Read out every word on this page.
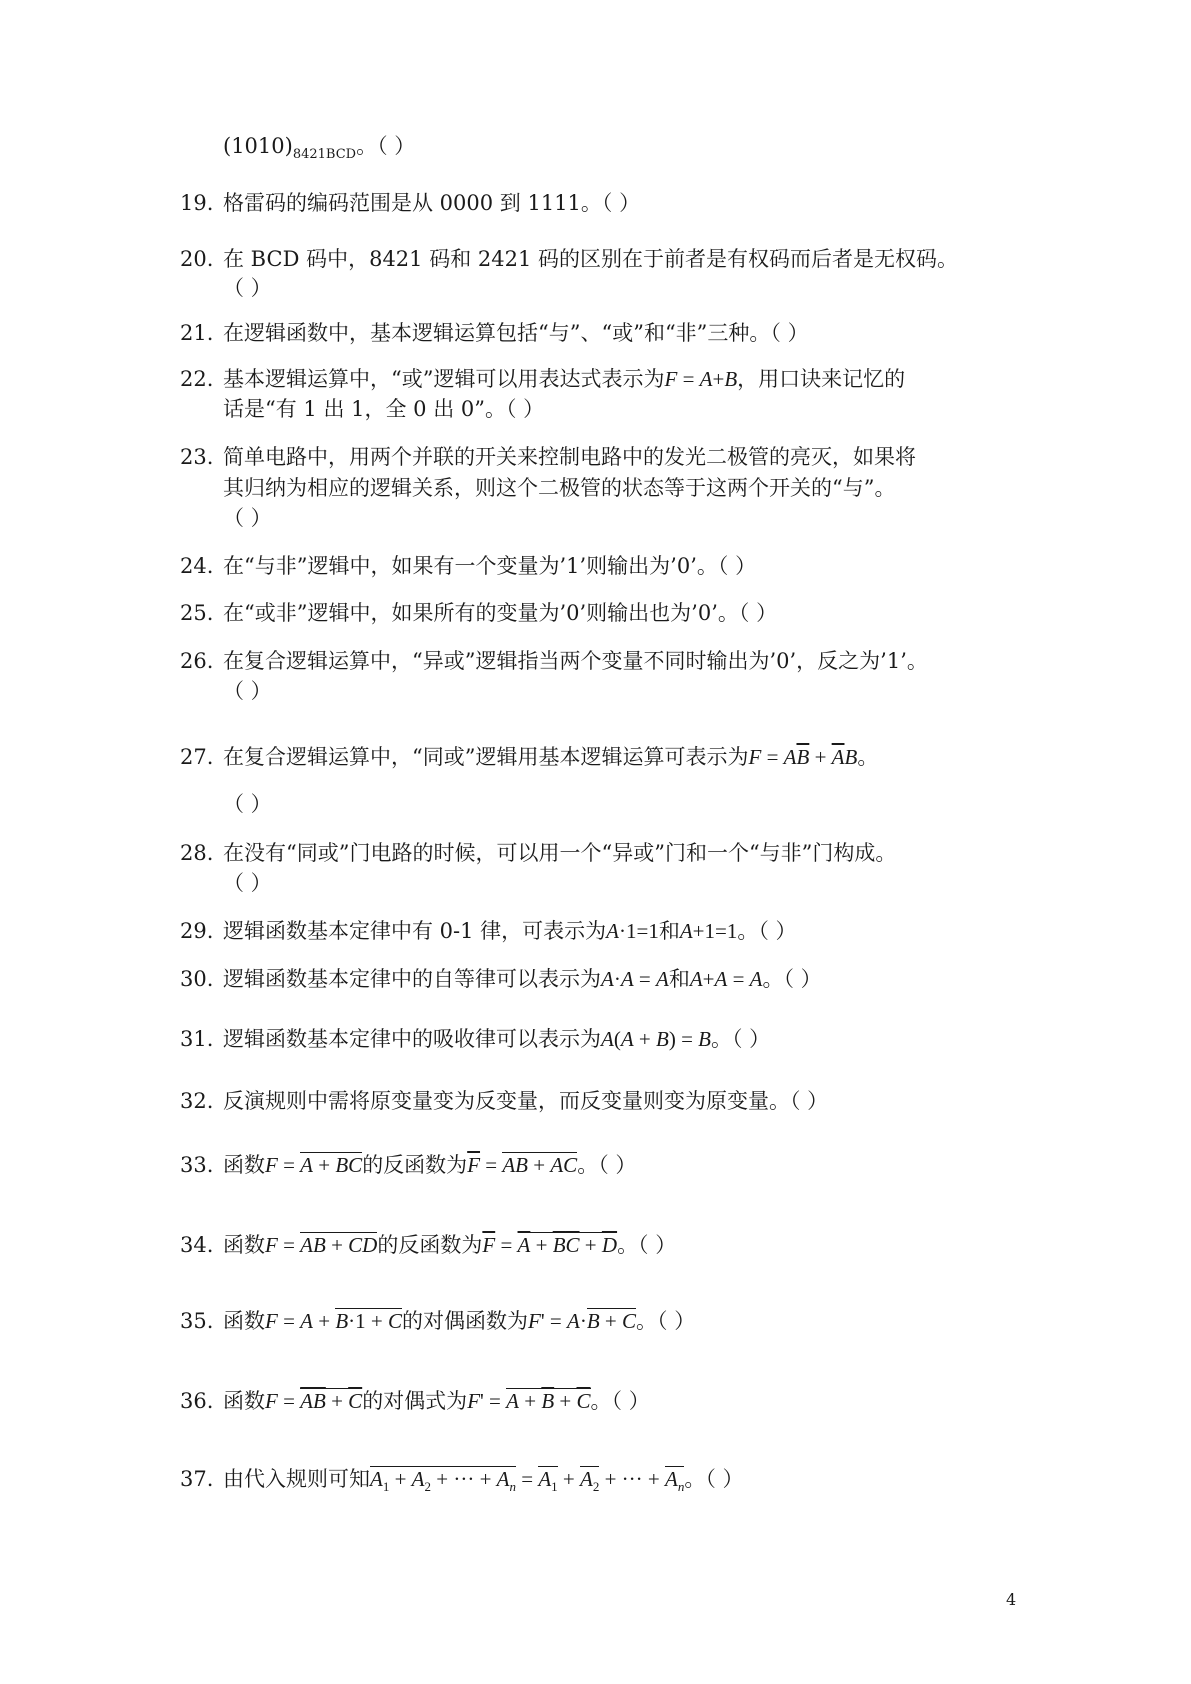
$(1010)_{8421BCD}$。（ ）
19. 格雷码的编码范围是从 0000 到 1111。（ ）
20. 在 BCD 码中，8421 码和 2421 码的区别在于前者是有权码而后者是无权码。
（ ）
21. 在逻辑函数中，基本逻辑运算包括“与”、“或”和“非”三种。（ ）
22. 基本逻辑运算中，“或”逻辑可以用表达式表示为F = A+B，用口诀来记忆的
话是“有 1 出 1，全 0 出 0”。（ ）
23. 简单电路中，用两个并联的开关来控制电路中的发光二极管的亮灭，如果将
其归纳为相应的逻辑关系，则这个二极管的状态等于这两个开关的“与”。
（ ）
24. 在“与非”逻辑中，如果有一个变量为’1’则输出为’0’。（ ）
25. 在“或非”逻辑中，如果所有的变量为’0’则输出也为’0’。（ ）
26. 在复合逻辑运算中，“异或”逻辑指当两个变量不同时输出为’0’，反之为’1’。
（ ）
27. 在复合逻辑运算中，“同或”逻辑用基本逻辑运算可表示为$F = A\overline{B} + \overline{A}B$。
（ ）
28. 在没有“同或”门电路的时候，可以用一个“异或”门和一个“与非”门构成。
（ ）
29. 逻辑函数基本定律中有 0-1 律，可表示为A·1=1和A+1=1。（ ）
30. 逻辑函数基本定律中的自等律可以表示为A·A = A和A+A = A。（ ）
31. 逻辑函数基本定律中的吸收律可以表示为A(A + B) = B。（ ）
32. 反演规则中需将原变量变为反变量，而反变量则变为原变量。（ ）
33. 函数F = A + BC的反函数为$\overline{F}$ = AB + AC。（ ）
34. 函数F = AB + CD的反函数为$\overline{F} = \overline{A} + \overline{B}\overline{C} + \overline{D}$。（ ）
35. 函数F = A + B·1 + C的对偶函数为F' = A·B + C。（ ）
36. 函数$F = \overline{AB} + \overline{C}$的对偶式为$F' = A + \overline{B} + \overline{C}$。（ ）
37. 由代入规则可知$A_1 + A_2$ + ··· + $A_n = A_1 + A_2$ + ··· + $A_n$。（ ）
4
